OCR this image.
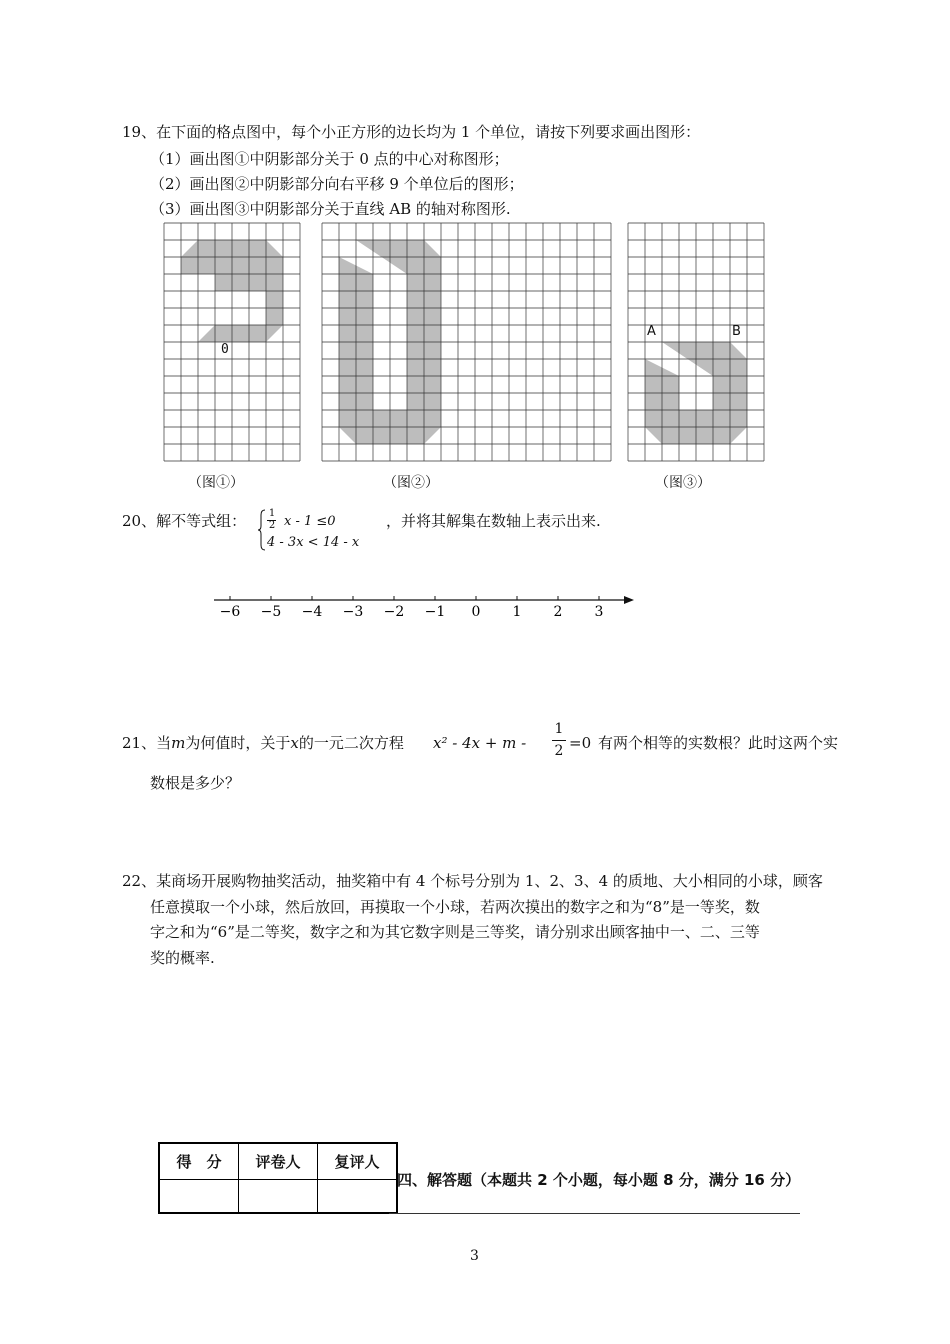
19、在下面的格点图中，每个小正方形的边长均为 1 个单位，请按下列要求画出图形：
（1）画出图①中阴影部分关于 0 点的中心对称图形；
（2）画出图②中阴影部分向右平移 9 个单位后的图形；
（3）画出图③中阴影部分关于直线 AB 的轴对称图形.
0
（图①）	（图②）
A	B
（图③）
20、解不等式组： 1
2 x - 1 ≤0
4 - 3x < 14 - x
，并将其解集在数轴上表示出来.
−6 −5 −4 −3 −2 −1 0 1 2 3
21、当m为何值时，关于x的一元二次方程 x² - 4x + m -
1
2 =0 有两个相等的实数根？此时这两个实
数根是多少？
22、某商场开展购物抽奖活动，抽奖箱中有 4 个标号分别为 1、2、3、4 的质地、大小相同的小球，顾客
任意摸取一个小球，然后放回，再摸取一个小球，若两次摸出的数字之和为“8”是一等奖，数
字之和为“6”是二等奖，数字之和为其它数字则是三等奖，请分别求出顾客抽中一、二、三等
奖的概率.
得　分	评卷人	复评人

四、解答题（本题共 2 个小题，每小题 8 分，满分 16 分）
3
